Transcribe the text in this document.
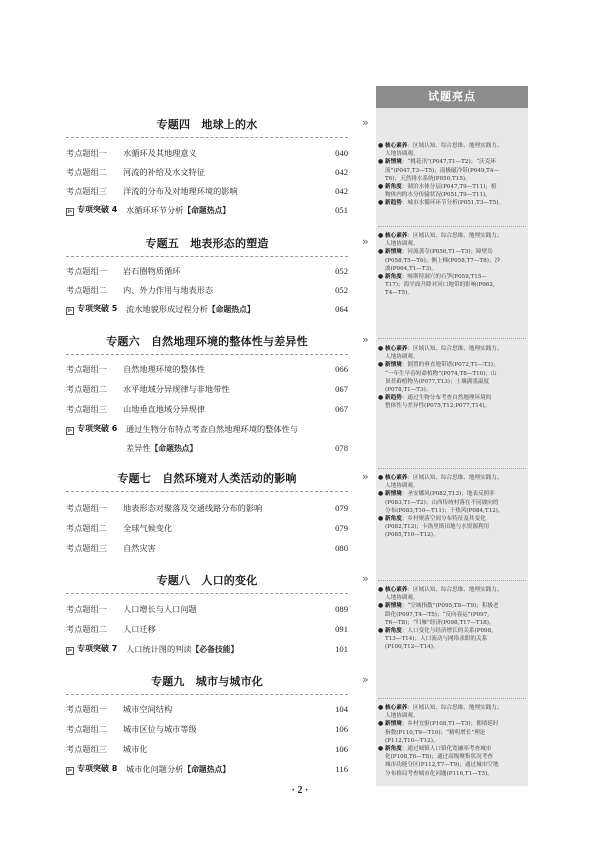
专题四　地球上的水
考点题组一 水循环及其地理意义	040
考点题组二 河流的补给及水文特征	042
考点题组三 洋流的分布及对地理环境的影响	042
⊳ 专项突破 4 水循环环节分析【命题热点】	051
专题五　地表形态的塑造
考点题组一 岩石圈物质循环	052
考点题组二 内、外力作用与地表形态	052
⊳ 专项突破 5 流水地貌形成过程分析【命题热点】	064
专题六　自然地理环境的整体性与差异性
考点题组一 自然地理环境的整体性	066
考点题组二 水平地域分异规律与非地带性	067
考点题组三 山地垂直地域分异规律	067
⊳ 专项突破 6 通过生物分布特点考查自然地理环境的整体性与
差异性【命题热点】	078
专题七　自然环境对人类活动的影响
考点题组一 地表形态对聚落及交通线路分布的影响	079
考点题组二 全球气候变化	079
考点题组三 自然灾害	080
专题八　人口的变化
考点题组一 人口增长与人口问题	089
考点题组二 人口迁移	091
⊳ 专项突破 7 人口统计图的判读【必备技能】	101
专题九　城市与城市化
考点题组一 城市空间结构	104
考点题组二 城市区位与城市等级	106
考点题组三 城市化	106
⊳ 专项突破 8 城市化问题分析【命题热点】	116
»
»
»
»
»
»
试题亮点
● 核心素养：区域认知、综合思维、地理实践力、
人地协调观。
● 新情境：“桃花汛”(P047,T1—T2)；“沃克环
流”(P047,T3—T5)；南极磁冷带(P049,T4—
T6)；天然排水系统(P050,T15)。
● 新角度：湖泊水体分层(P047,T9—T11)；植
物体内的水分传输状况(P051,T9—T11)。
● 新趋势：城市水循环环节分析(P051,T3—T5)。
● 核心素养：区域认知、综合思维、地理实践力、
人地协调观。
● 新情境：河流袭夺(P056,T1—T3)；障壁岛
(P058,T5—T6)；侧上梯(P058,T7—T8)；沙
波(P064,T1—T3)。
● 新角度：喀斯特洞穴的石笋(P059,T15—
T17)；海平面升降对河口地带的影响(P062,
T4—T5)。
● 核心素养：区域认知、综合思维、地理实践力、
人地协调观。
● 新情境：倒置的垂直地带谱(P072,T1—T3)；
“一年生早春短命植物”(P074,T8—T10)；山
顶苔藓植物丛(P077,T13)；土壤满墨温度
(P078,T1—T3)。
● 新趋势：通过生物分布考查自然地理环境的
整体性与差异性(P075,T12;P077,T14)。
● 核心素养：区域认知、综合思维、地理实践力、
人地协调观。
● 新情境：圣安娜风(P082,T13)；地表反照率
(P083,T1—T2)；山西传统村落在不同坡向的
分布(P083,T10—T11)；干热风(P084,T12)。
● 新角度：乡村聚落空间分布特征及其变化
(P082,T12)；卡洛里斯田地与水资源利用
(P085,T10—T12)。
● 核心素养：区域认知、综合思维、地理实践力、
人地协调观。
● 新情境：“空城指数”(P095,T8—T9)；积极老
龄化(P097,T4—T5)；“反向春运”(P097,
T6—T8)；“归雁”经济(P098,T17—T18)。
● 新角度：人口变化与经济增长的关系(P098,
T13—T14)；人口流动与网络求职的关系
(P100,T12—T14)。
● 核心素养：区域认知、综合思维、地理实践力、
人地协调观。
● 新情境：乡村宜驱(P108,T1—T3)；拥堵延时
指数(P110,T9—T10)；“精明增长”理论
(P112,T10—T12)。
● 新角度：通过城镇人口镇化宽融率考查城市
化(P108,T6—T8)；通过高级聚集状况考查
城市功能分区(P112,T7—T9)；通过城市空地
分布格局考查城市化问题(P116,T1—T3)。
· 2 ·
